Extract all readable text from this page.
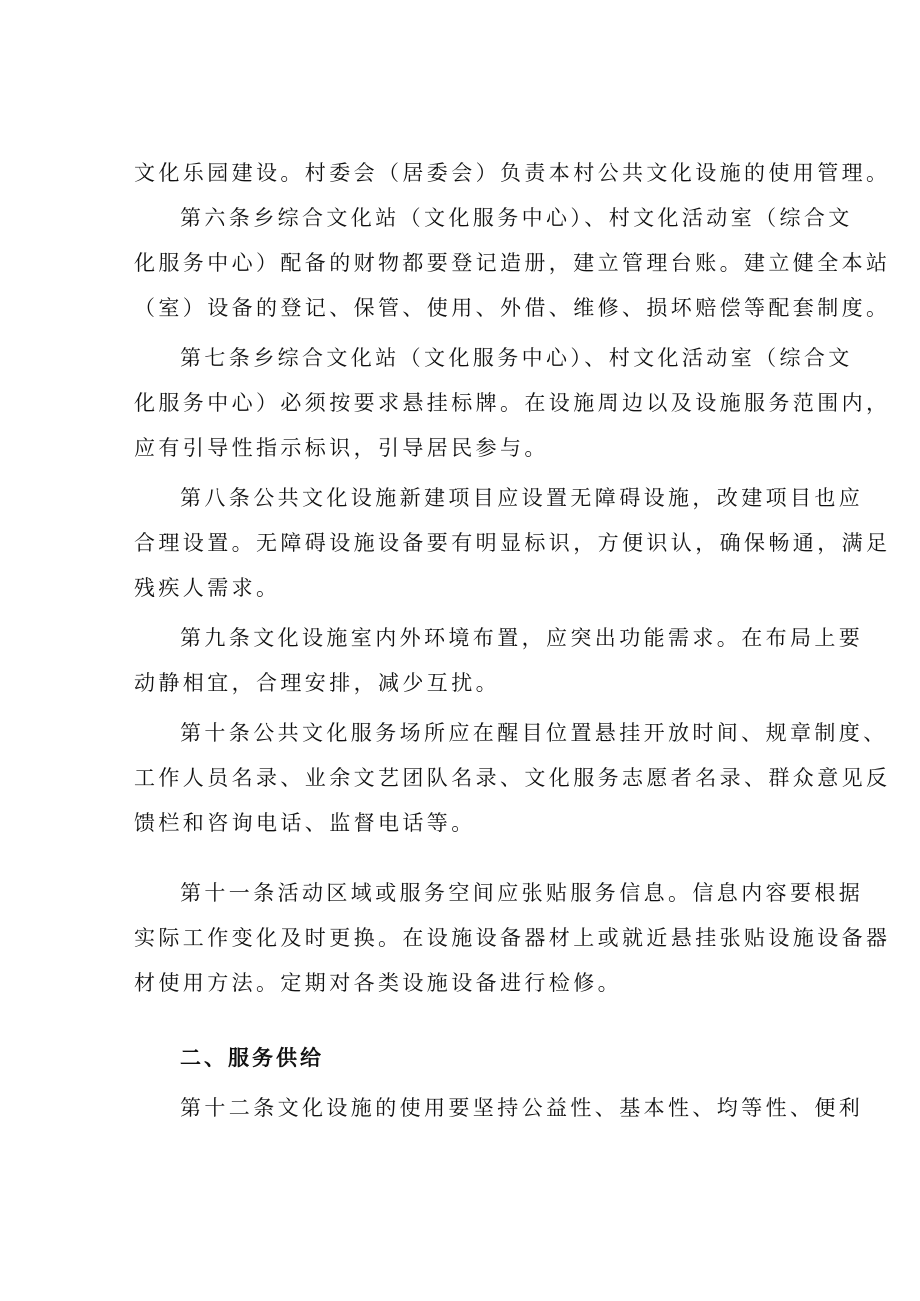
文化乐园建设。村委会（居委会）负责本村公共文化设施的使用管理。
第六条乡综合文化站（文化服务中心）、村文化活动室（综合文
化服务中心）配备的财物都要登记造册，建立管理台账。建立健全本站
（室）设备的登记、保管、使用、外借、维修、损坏赔偿等配套制度。
第七条乡综合文化站（文化服务中心）、村文化活动室（综合文
化服务中心）必须按要求悬挂标牌。在设施周边以及设施服务范围内，
应有引导性指示标识，引导居民参与。
第八条公共文化设施新建项目应设置无障碍设施，改建项目也应
合理设置。无障碍设施设备要有明显标识，方便识认，确保畅通，满足
残疾人需求。
第九条文化设施室内外环境布置，应突出功能需求。在布局上要
动静相宜，合理安排，减少互扰。
第十条公共文化服务场所应在醒目位置悬挂开放时间、规章制度、
工作人员名录、业余文艺团队名录、文化服务志愿者名录、群众意见反
馈栏和咨询电话、监督电话等。
第十一条活动区域或服务空间应张贴服务信息。信息内容要根据
实际工作变化及时更换。在设施设备器材上或就近悬挂张贴设施设备器
材使用方法。定期对各类设施设备进行检修。
二、服务供给
第十二条文化设施的使用要坚持公益性、基本性、均等性、便利
